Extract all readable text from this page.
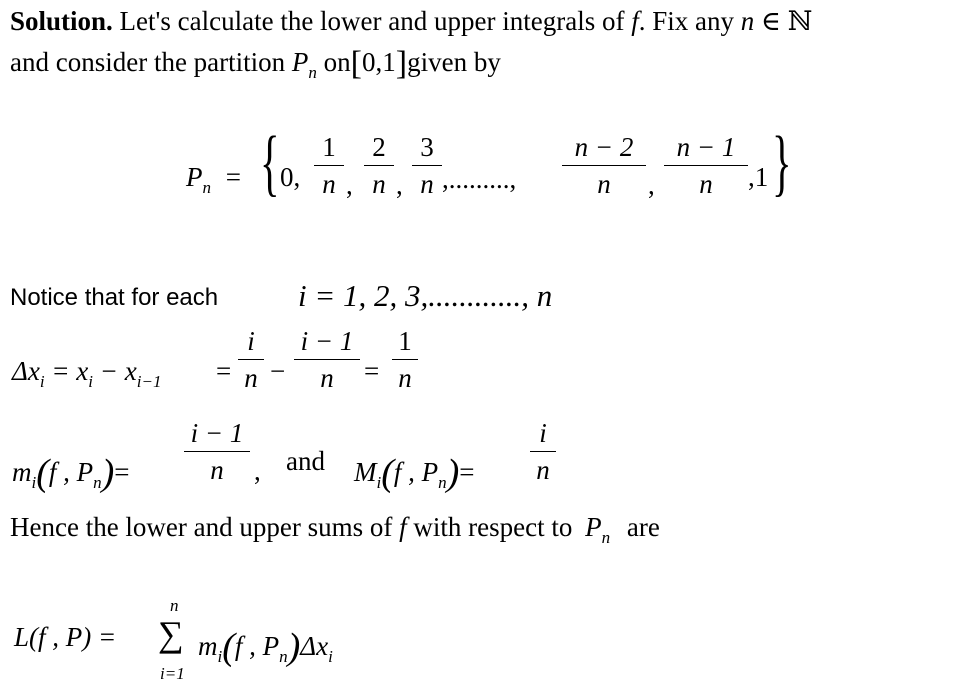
Solution. Let's calculate the lower and upper integrals of f. Fix any n ∈ ℕ
and consider the partition $P_n$ on[0,1]given by
$P_n$ = { 0,
1
n ,
2
n ,
3
n ,.........,
n − 2
n	,
n − 1
n	,1 }
Notice that for each	i = 1, 2, 3,............, n
$\Delta x_i = x_i - x_{i-1}$ =
i
n −
i − 1
n	=
1
n
$m_i(f$ , $P_n)=$
i − 1
n	, and $M_i(f$ , $P_n)=$
i
n
Hence the lower and upper sums of f with respect to $P_n$ are
L(f , P) =
n
∑
i=1
$m_i(f$ , $P_n)\Delta x_i$
